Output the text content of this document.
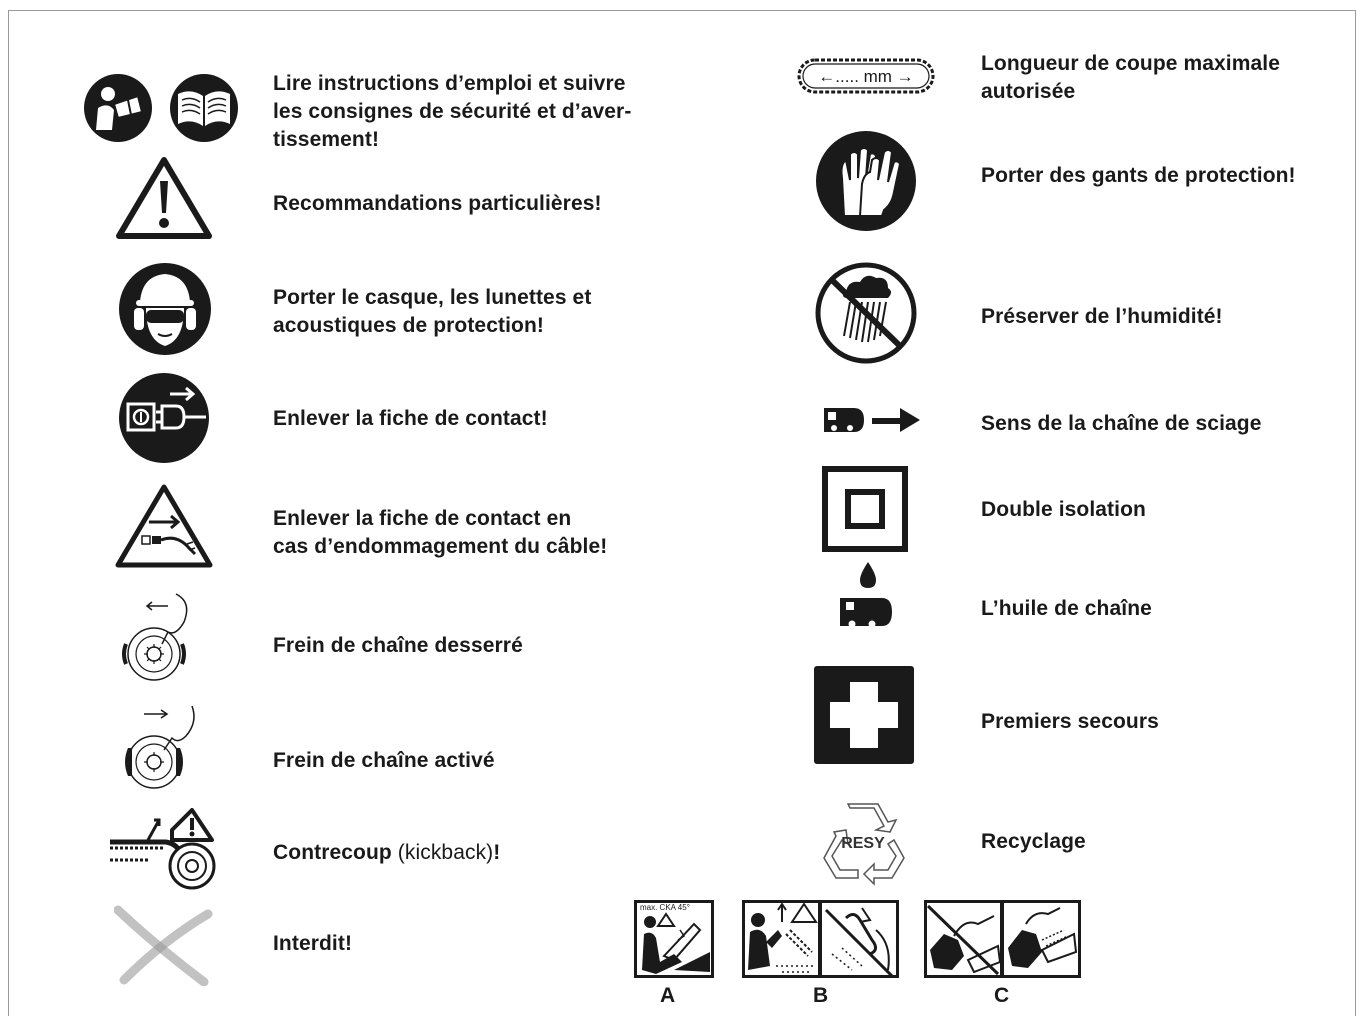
Lire instructions d’emploi et suivre
les consignes de sécurité et d’aver-
tissement!
Recommandations particulières!
Porter le casque, les lunettes et
acoustiques de protection!
Enlever la fiche de contact!
Enlever la fiche de contact en
cas d’endommagement du câble!
Frein de chaîne desserré
Frein de chaîne activé
Contrecoup (kickback)!
Interdit!
←..... mm →
RESY
Longueur de coupe maximale
autorisée
Porter des gants de protection!
Préserver de l’humidité!
Sens de la chaîne de sciage
Double isolation
L’huile de chaîne
Premiers secours
Recyclage
max. CKA 45°
A	B	C
